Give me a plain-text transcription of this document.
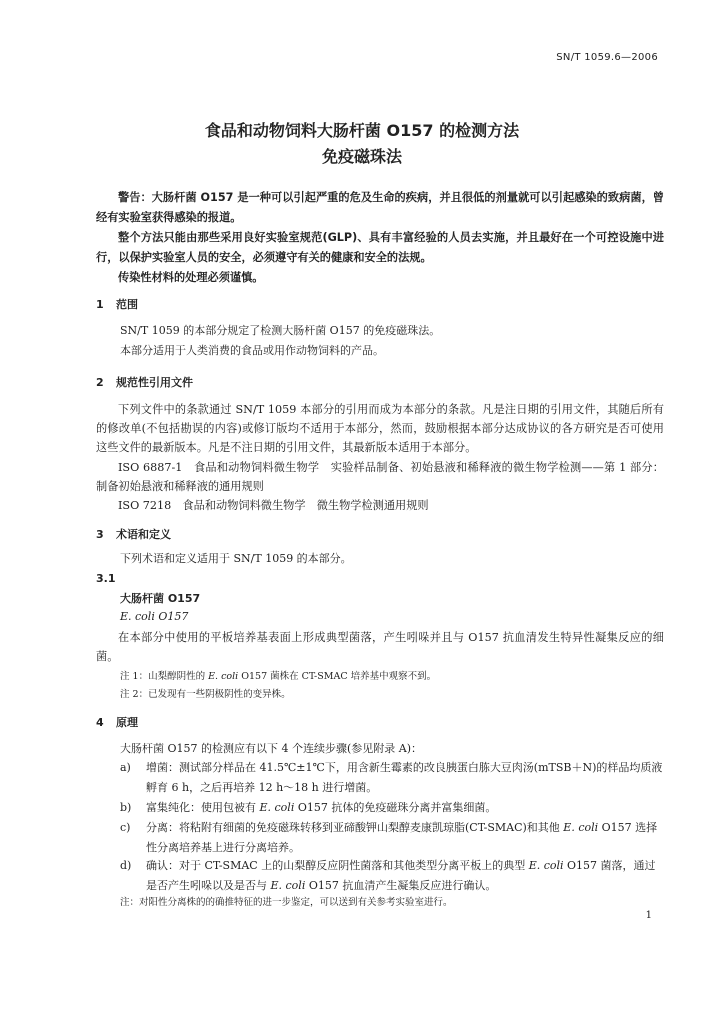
SN/T 1059.6—2006
食品和动物饲料大肠杆菌 O157 的检测方法
免疫磁珠法
警告：大肠杆菌 O157 是一种可以引起严重的危及生命的疾病，并且很低的剂量就可以引起感染的致病菌，曾经有实验室获得感染的报道。
整个方法只能由那些采用良好实验室规范(GLP)、具有丰富经验的人员去实施，并且最好在一个可控设施中进行，以保护实验室人员的安全，必须遵守有关的健康和安全的法规。
传染性材料的处理必须谨慎。
1 范围
SN/T 1059 的本部分规定了检测大肠杆菌 O157 的免疫磁珠法。
本部分适用于人类消费的食品或用作动物饲料的产品。
2 规范性引用文件
下列文件中的条款通过 SN/T 1059 本部分的引用而成为本部分的条款。凡是注日期的引用文件，其随后所有的修改单(不包括勘误的内容)或修订版均不适用于本部分，然而，鼓励根据本部分达成协议的各方研究是否可使用这些文件的最新版本。凡是不注日期的引用文件，其最新版本适用于本部分。
ISO 6887-1　食品和动物饲料微生物学　实验样品制备、初始悬液和稀释液的微生物学检测——第 1 部分：制备初始悬液和稀释液的通用规则
ISO 7218　食品和动物饲料微生物学　微生物学检测通用规则
3 术语和定义
下列术语和定义适用于 SN/T 1059 的本部分。
3.1
大肠杆菌 O157
E. coli O157
在本部分中使用的平板培养基表面上形成典型菌落，产生吲哚并且与 O157 抗血清发生特异性凝集反应的细菌。
注 1：山梨醇阴性的 E. coli O157 菌株在 CT-SMAC 培养基中观察不到。
注 2：已发现有一些阴极阴性的变异株。
4 原理
大肠杆菌 O157 的检测应有以下 4 个连续步骤(参见附录 A)：
a)	增菌：测试部分样品在 41.5℃±1℃下，用含新生霉素的改良胰蛋白胨大豆肉汤(mTSB＋N)的样品均质液孵育 6 h，之后再培养 12 h～18 h 进行增菌。
b)	富集纯化：使用包被有 E. coli O157 抗体的免疫磁珠分离并富集细菌。
c)	分离：将粘附有细菌的免疫磁珠转移到亚碲酸钾山梨醇麦康凯琼脂(CT-SMAC)和其他 E. coli O157 选择性分离培养基上进行分离培养。
d)	确认：对于 CT-SMAC 上的山梨醇反应阴性菌落和其他类型分离平板上的典型 E. coli O157 菌落，通过是否产生吲哚以及是否与 E. coli O157 抗血清产生凝集反应进行确认。
注：对阳性分离株的的确推特征的进一步鉴定，可以送到有关参考实验室进行。
1
